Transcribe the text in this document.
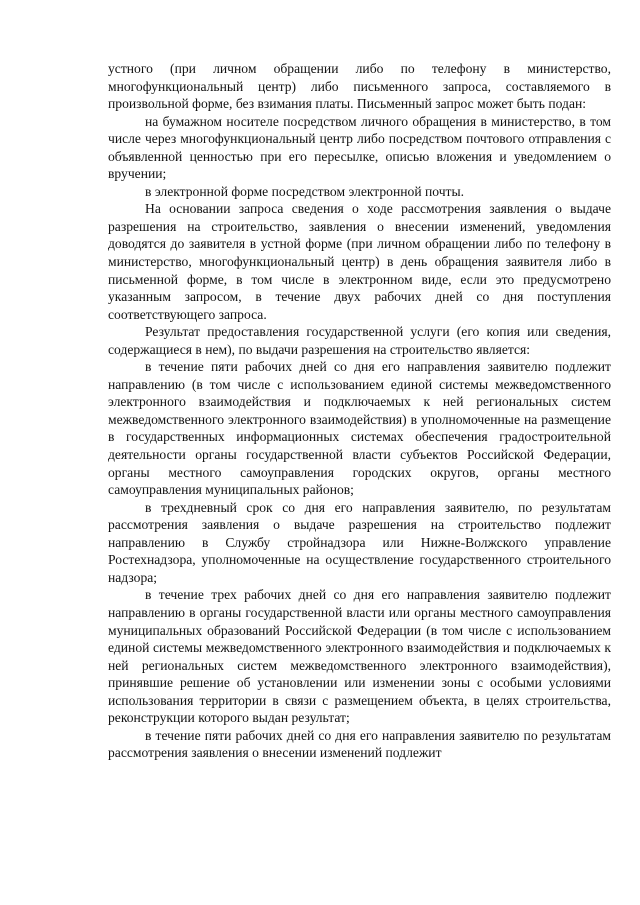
устного (при личном обращении либо по телефону в министерство, многофункциональный центр) либо письменного запроса, составляемого в произвольной форме, без взимания платы. Письменный запрос может быть подан:

на бумажном носителе посредством личного обращения в министерство, в том числе через многофункциональный центр либо посредством почтового отправления с объявленной ценностью при его пересылке, описью вложения и уведомлением о вручении;

в электронной форме посредством электронной почты.

На основании запроса сведения о ходе рассмотрения заявления о выдаче разрешения на строительство, заявления о внесении изменений, уведомления доводятся до заявителя в устной форме (при личном обращении либо по телефону в министерство, многофункциональный центр) в день обращения заявителя либо в письменной форме, в том числе в электронном виде, если это предусмотрено указанным запросом, в течение двух рабочих дней со дня поступления соответствующего запроса.

Результат предоставления государственной услуги (его копия или сведения, содержащиеся в нем), по выдачи разрешения на строительство является:

в течение пяти рабочих дней со дня его направления заявителю подлежит направлению (в том числе с использованием единой системы межведомственного электронного взаимодействия и подключаемых к ней региональных систем межведомственного электронного взаимодействия) в уполномоченные на размещение в государственных информационных системах обеспечения градостроительной деятельности органы государственной власти субъектов Российской Федерации, органы местного самоуправления городских округов, органы местного самоуправления муниципальных районов;

в трехдневный срок со дня его направления заявителю, по результатам рассмотрения заявления о выдаче разрешения на строительство подлежит направлению в Службу стройнадзора или Нижне-Волжского управление Ростехнадзора, уполномоченные на осуществление государственного строительного надзора;

в течение трех рабочих дней со дня его направления заявителю подлежит направлению в органы государственной власти или органы местного самоуправления муниципальных образований Российской Федерации (в том числе с использованием единой системы межведомственного электронного взаимодействия и подключаемых к ней региональных систем межведомственного электронного взаимодействия), принявшие решение об установлении или изменении зоны с особыми условиями использования территории в связи с размещением объекта, в целях строительства, реконструкции которого выдан результат;

в течение пяти рабочих дней со дня его направления заявителю по результатам рассмотрения заявления о внесении изменений подлежит
